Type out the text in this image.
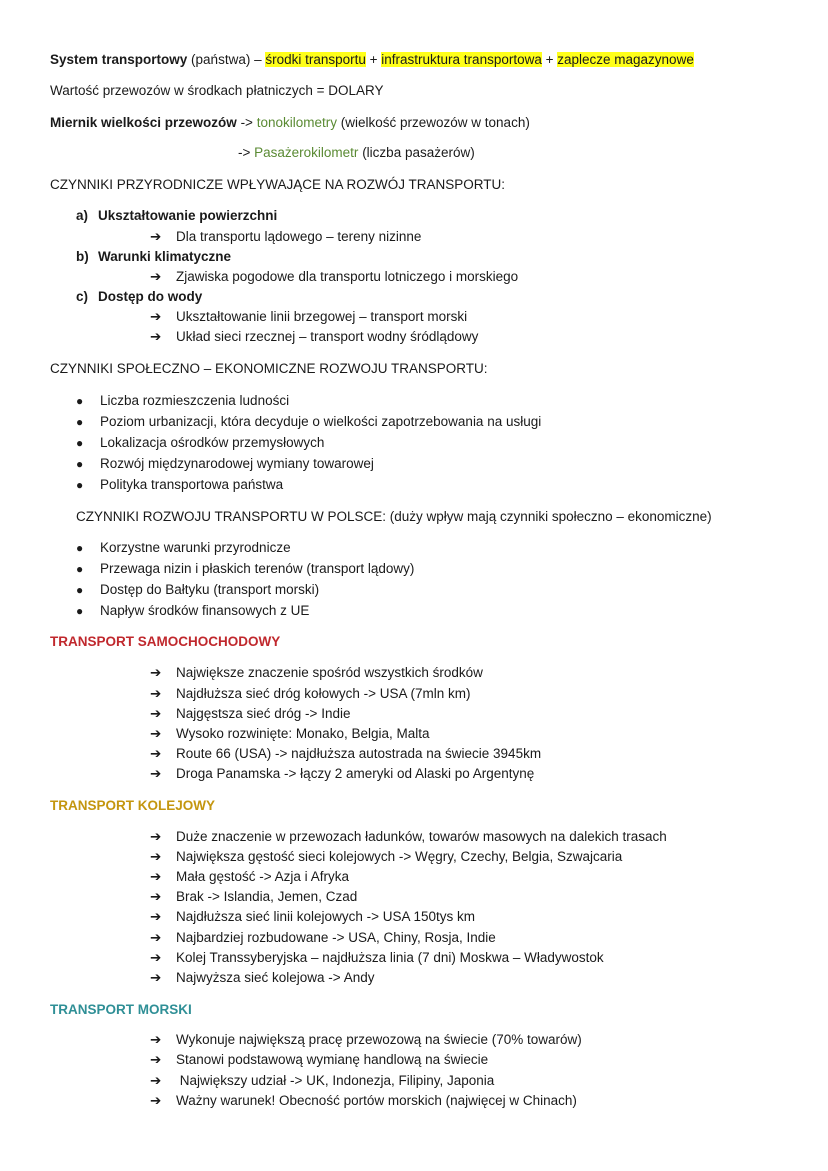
System transportowy (państwa) – środki transportu + infrastruktura transportowa + zaplecze magazynowe
Wartość przewozów w środkach płatniczych = DOLARY
Miernik wielkości przewozów -> tonokilometry (wielkość przewozów w tonach)
-> Pasażerokilometr (liczba pasażerów)
CZYNNIKI PRZYRODNICZE WPŁYWAJĄCE NA ROZWÓJ TRANSPORTU:
a) Ukształtowanie powierzchni
➔ Dla transportu lądowego – tereny nizinne
b) Warunki klimatyczne
➔ Zjawiska pogodowe dla transportu lotniczego i morskiego
c) Dostęp do wody
➔ Ukształtowanie linii brzegowej – transport morski
➔ Układ sieci rzecznej – transport wodny śródlądowy
CZYNNIKI SPOŁECZNO – EKONOMICZNE ROZWOJU TRANSPORTU:
● Liczba rozmieszczenia ludności
● Poziom urbanizacji, która decyduje o wielkości zapotrzebowania na usługi
● Lokalizacja ośrodków przemysłowych
● Rozwój międzynarodowej wymiany towarowej
● Polityka transportowa państwa
CZYNNIKI ROZWOJU TRANSPORTU W POLSCE: (duży wpływ mają czynniki społeczno – ekonomiczne)
● Korzystne warunki przyrodnicze
● Przewaga nizin i płaskich terenów (transport lądowy)
● Dostęp do Bałtyku (transport morski)
● Napływ środków finansowych z UE
TRANSPORT SAMOCHOCHODOWY
➔ Największe znaczenie spośród wszystkich środków
➔ Najdłuższa sieć dróg kołowych -> USA (7mln km)
➔ Najgęstsza sieć dróg -> Indie
➔ Wysoko rozwinięte: Monako, Belgia, Malta
➔ Route 66 (USA) -> najdłuższa autostrada na świecie 3945km
➔ Droga Panamska -> łączy 2 ameryki od Alaski po Argentynę
TRANSPORT KOLEJOWY
➔ Duże znaczenie w przewozach ładunków, towarów masowych na dalekich trasach
➔ Największa gęstość sieci kolejowych -> Węgry, Czechy, Belgia, Szwajcaria
➔ Mała gęstość -> Azja i Afryka
➔ Brak -> Islandia, Jemen, Czad
➔ Najdłuższa sieć linii kolejowych -> USA 150tys km
➔ Najbardziej rozbudowane -> USA, Chiny, Rosja, Indie
➔ Kolej Transsyberyjska – najdłuższa linia (7 dni) Moskwa – Władywostok
➔ Najwyższa sieć kolejowa -> Andy
TRANSPORT MORSKI
➔ Wykonuje największą pracę przewozową na świecie (70% towarów)
➔ Stanowi podstawową wymianę handlową na świecie
➔ Największy udział -> UK, Indonezja, Filipiny, Japonia
➔ Ważny warunek! Obecność portów morskich (najwięcej w Chinach)
